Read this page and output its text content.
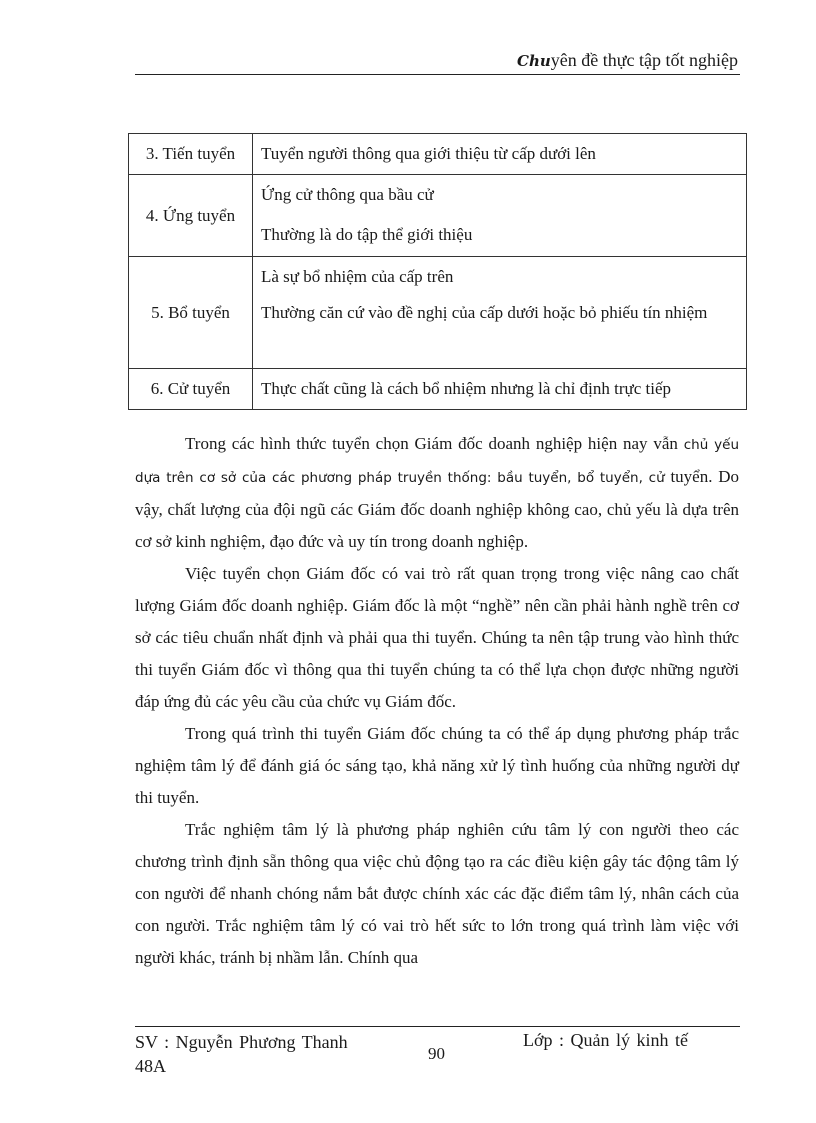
Chuyên đề thực tập tốt nghiệp
3. Tiến tuyển	Tuyển người thông qua giới thiệu từ cấp dưới lên

4. Ứng tuyển	Ứng cử thông qua bầu cử
Thường là do tập thể giới thiệu

5. Bổ tuyển	Là sự bổ nhiệm của cấp trên
Thường căn cứ vào đề nghị của cấp dưới hoặc bỏ phiếu tín nhiệm

6. Cử tuyển	Thực chất cũng là cách bổ nhiệm nhưng là chỉ định trực tiếp

Trong các hình thức tuyển chọn Giám đốc doanh nghiệp hiện nay vẫn chủ yếu dựa trên cơ sở của các phương pháp truyền thống: bầu tuyển, bổ tuyển, cử tuyển. Do vậy, chất lượng của đội ngũ các Giám đốc doanh nghiệp không cao, chủ yếu là dựa trên cơ sở kinh nghiệm, đạo đức và uy tín trong doanh nghiệp.

Việc tuyển chọn Giám đốc có vai trò rất quan trọng trong việc nâng cao chất lượng Giám đốc doanh nghiệp. Giám đốc là một “nghề” nên cần phải hành nghề trên cơ sở các tiêu chuẩn nhất định và phải qua thi tuyển. Chúng ta nên tập trung vào hình thức thi tuyển Giám đốc vì thông qua thi tuyển chúng ta có thể lựa chọn được những người đáp ứng đủ các yêu cầu của chức vụ Giám đốc.

Trong quá trình thi tuyển Giám đốc chúng ta có thể áp dụng phương pháp trắc nghiệm tâm lý để đánh giá óc sáng tạo, khả năng xử lý tình huống của những người dự thi tuyển.

Trắc nghiệm tâm lý là phương pháp nghiên cứu tâm lý con người theo các chương trình định sẵn thông qua việc chủ động tạo ra các điều kiện gây tác động tâm lý con người để nhanh chóng nắm bắt được chính xác các đặc điểm tâm lý, nhân cách của con người. Trắc nghiệm tâm lý có vai trò hết sức to lớn trong quá trình làm việc với người khác, tránh bị nhầm lẫn. Chính qua

SV : Nguyễn Phương Thanh 48A
90
Lớp : Quản lý kinh tế
